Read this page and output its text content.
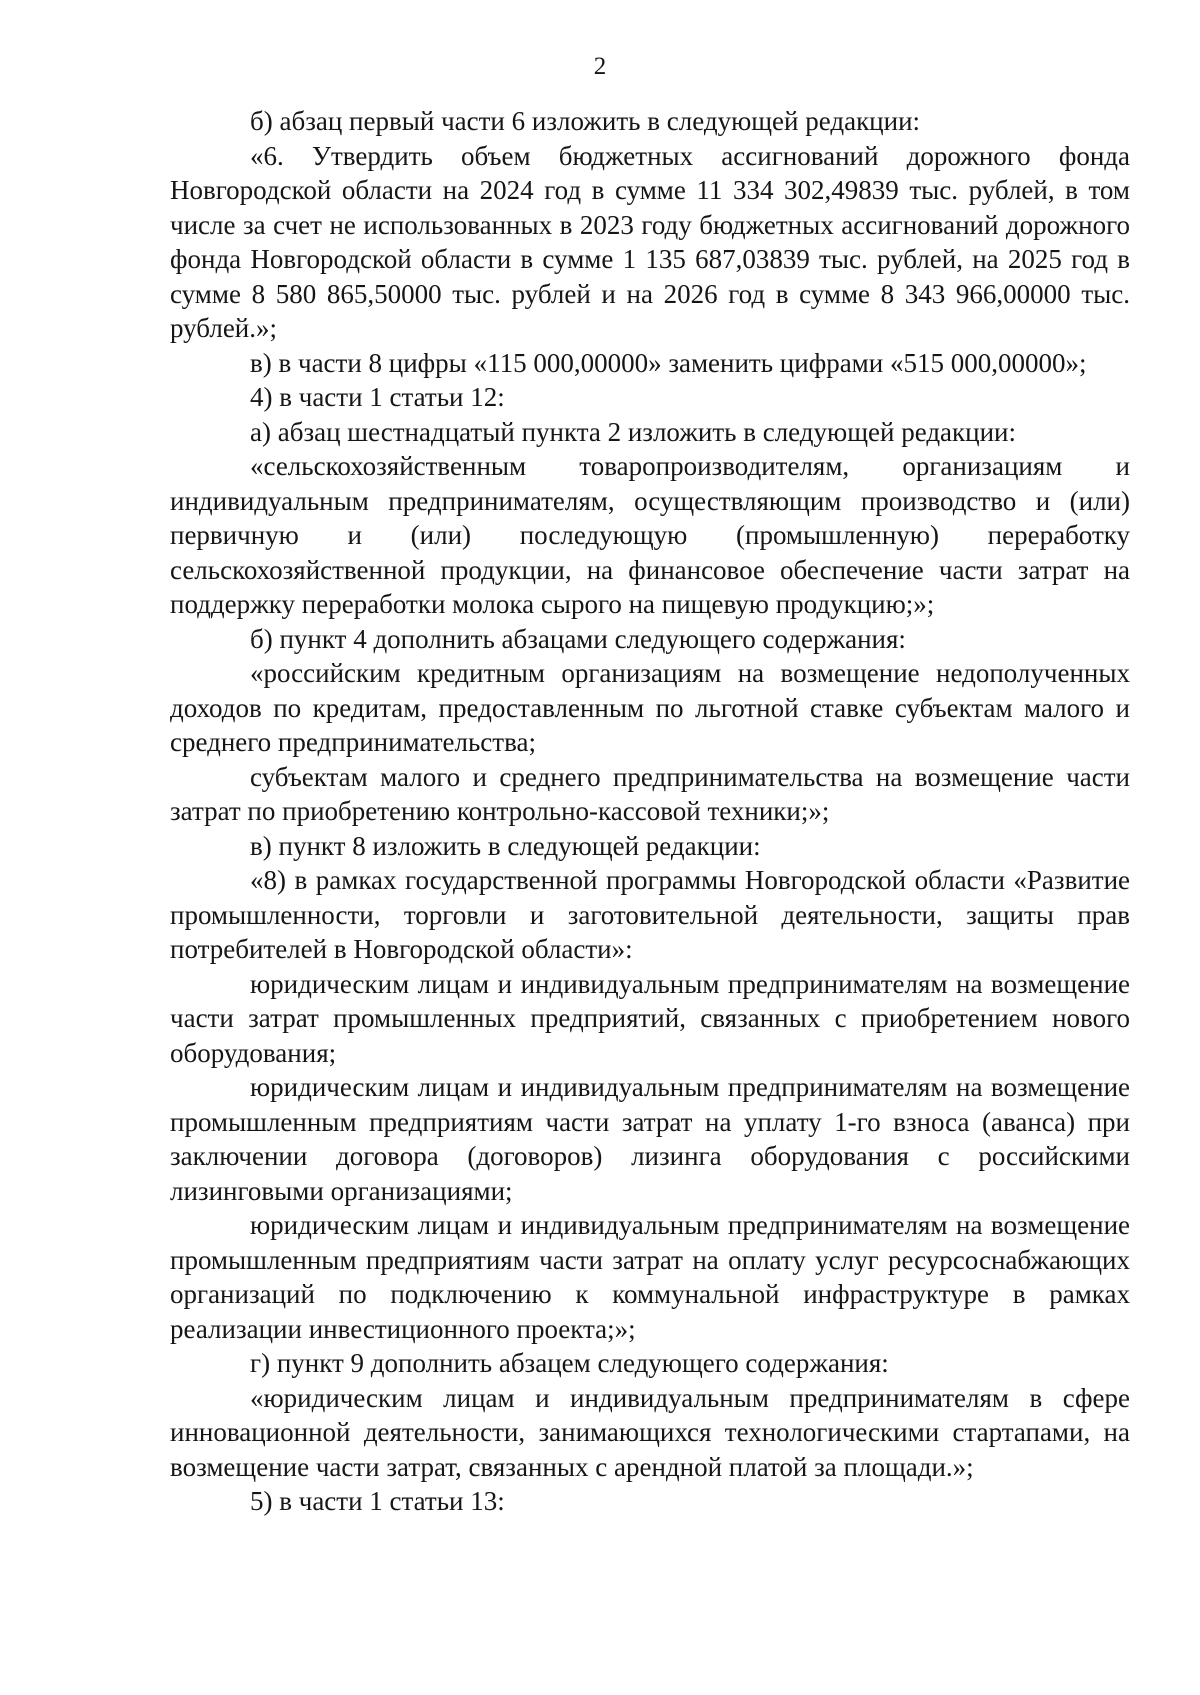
2

б) абзац первый части 6 изложить в следующей редакции:

«6. Утвердить объем бюджетных ассигнований дорожного фонда Новгородской области на 2024 год в сумме 11 334 302,49839 тыс. рублей, в том числе за счет не использованных в 2023 году бюджетных ассигнований дорожного фонда Новгородской области в сумме 1 135 687,03839 тыс. рублей, на 2025 год в сумме 8 580 865,50000 тыс. рублей и на 2026 год в сумме 8 343 966,00000 тыс. рублей.»;

в) в части 8 цифры «115 000,00000» заменить цифрами «515 000,00000»;

4) в части 1 статьи 12:

а) абзац шестнадцатый пункта 2 изложить в следующей редакции:

«сельскохозяйственным товаропроизводителям, организациям и индивидуальным предпринимателям, осуществляющим производство и (или) первичную и (или) последующую (промышленную) переработку сельскохозяйственной продукции, на финансовое обеспечение части затрат на поддержку переработки молока сырого на пищевую продукцию;»;

б) пункт 4 дополнить абзацами следующего содержания:

«российским кредитным организациям на возмещение недополученных доходов по кредитам, предоставленным по льготной ставке субъектам малого и среднего предпринимательства;

субъектам малого и среднего предпринимательства на возмещение части затрат по приобретению контрольно-кассовой техники;»;

в) пункт 8 изложить в следующей редакции:

«8) в рамках государственной программы Новгородской области «Развитие промышленности, торговли и заготовительной деятельности, защиты прав потребителей в Новгородской области»:

юридическим лицам и индивидуальным предпринимателям на возмещение части затрат промышленных предприятий, связанных с приобретением нового оборудования;

юридическим лицам и индивидуальным предпринимателям на возмещение промышленным предприятиям части затрат на уплату 1-го взноса (аванса) при заключении договора (договоров) лизинга оборудования с российскими лизинговыми организациями;

юридическим лицам и индивидуальным предпринимателям на возмещение промышленным предприятиям части затрат на оплату услуг ресурсоснабжающих организаций по подключению к коммунальной инфраструктуре в рамках реализации инвестиционного проекта;»;

г) пункт 9 дополнить абзацем следующего содержания:

«юридическим лицам и индивидуальным предпринимателям в сфере инновационной деятельности, занимающихся технологическими стартапами, на возмещение части затрат, связанных с арендной платой за площади.»;

5) в части 1 статьи 13:
